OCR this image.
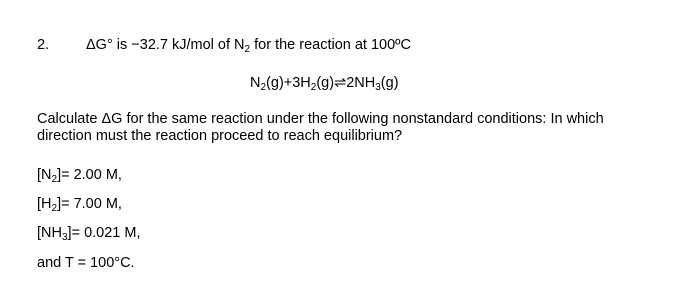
2.	ΔG° is −32.7 kJ/mol of $N_2$ for the reaction at 100ºC
$N_2(g)+3H_2(g)\rightleftharpoons 2NH_3(g)$
Calculate ΔG for the same reaction under the following nonstandard conditions: In which direction must the reaction proceed to reach equilibrium?
$[N_2]= 2.00$ M,
$[H_2]= 7.00$ M,
$[NH_3]= 0.021$ M,
and T = 100°C.
